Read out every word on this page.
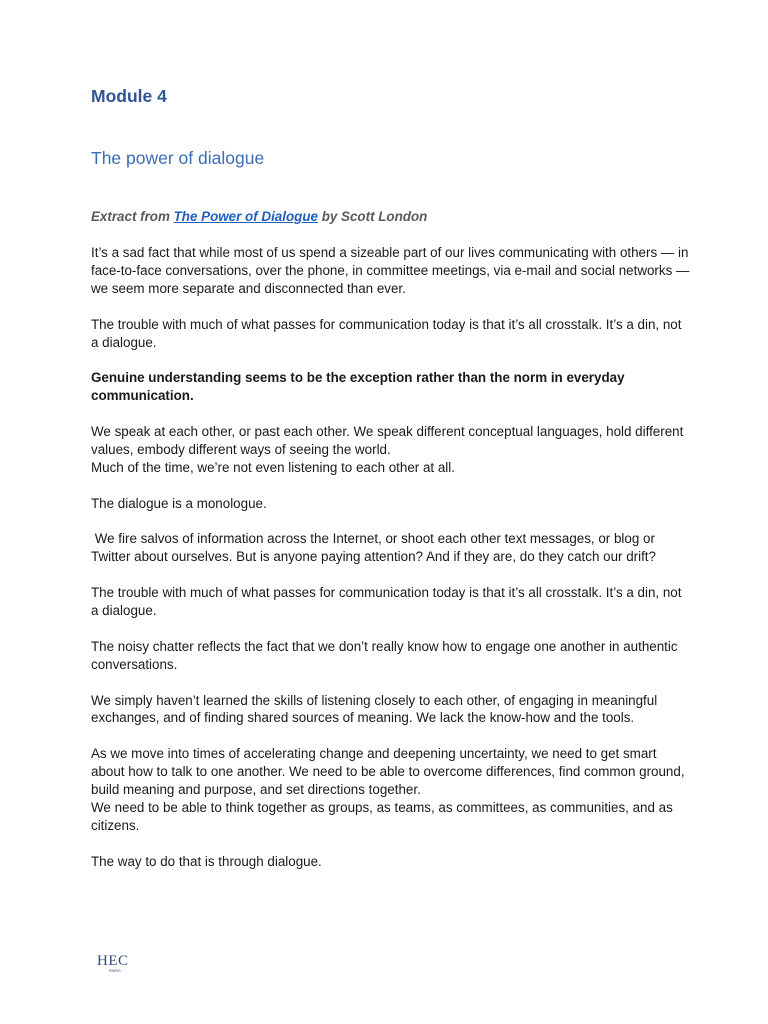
Module 4
The power of dialogue

Extract from The Power of Dialogue by Scott London

It’s a sad fact that while most of us spend a sizeable part of our lives communicating with others — in face-to-face conversations, over the phone, in committee meetings, via e-mail and social networks — we seem more separate and disconnected than ever.

The trouble with much of what passes for communication today is that it’s all crosstalk. It’s a din, not a dialogue.

Genuine understanding seems to be the exception rather than the norm in everyday communication.

We speak at each other, or past each other. We speak different conceptual languages, hold different values, embody different ways of seeing the world.
Much of the time, we’re not even listening to each other at all.

The dialogue is a monologue.

We fire salvos of information across the Internet, or shoot each other text messages, or blog or Twitter about ourselves. But is anyone paying attention? And if they are, do they catch our drift?

The trouble with much of what passes for communication today is that it’s all crosstalk. It’s a din, not a dialogue.

The noisy chatter reflects the fact that we don’t really know how to engage one another in authentic conversations.

We simply haven’t learned the skills of listening closely to each other, of engaging in meaningful exchanges, and of finding shared sources of meaning. We lack the know-how and the tools.

As we move into times of accelerating change and deepening uncertainty, we need to get smart about how to talk to one another. We need to be able to overcome differences, find common ground, build meaning and purpose, and set directions together.
We need to be able to think together as groups, as teams, as committees, as communities, and as citizens.

The way to do that is through dialogue.

HEC
PARIS
